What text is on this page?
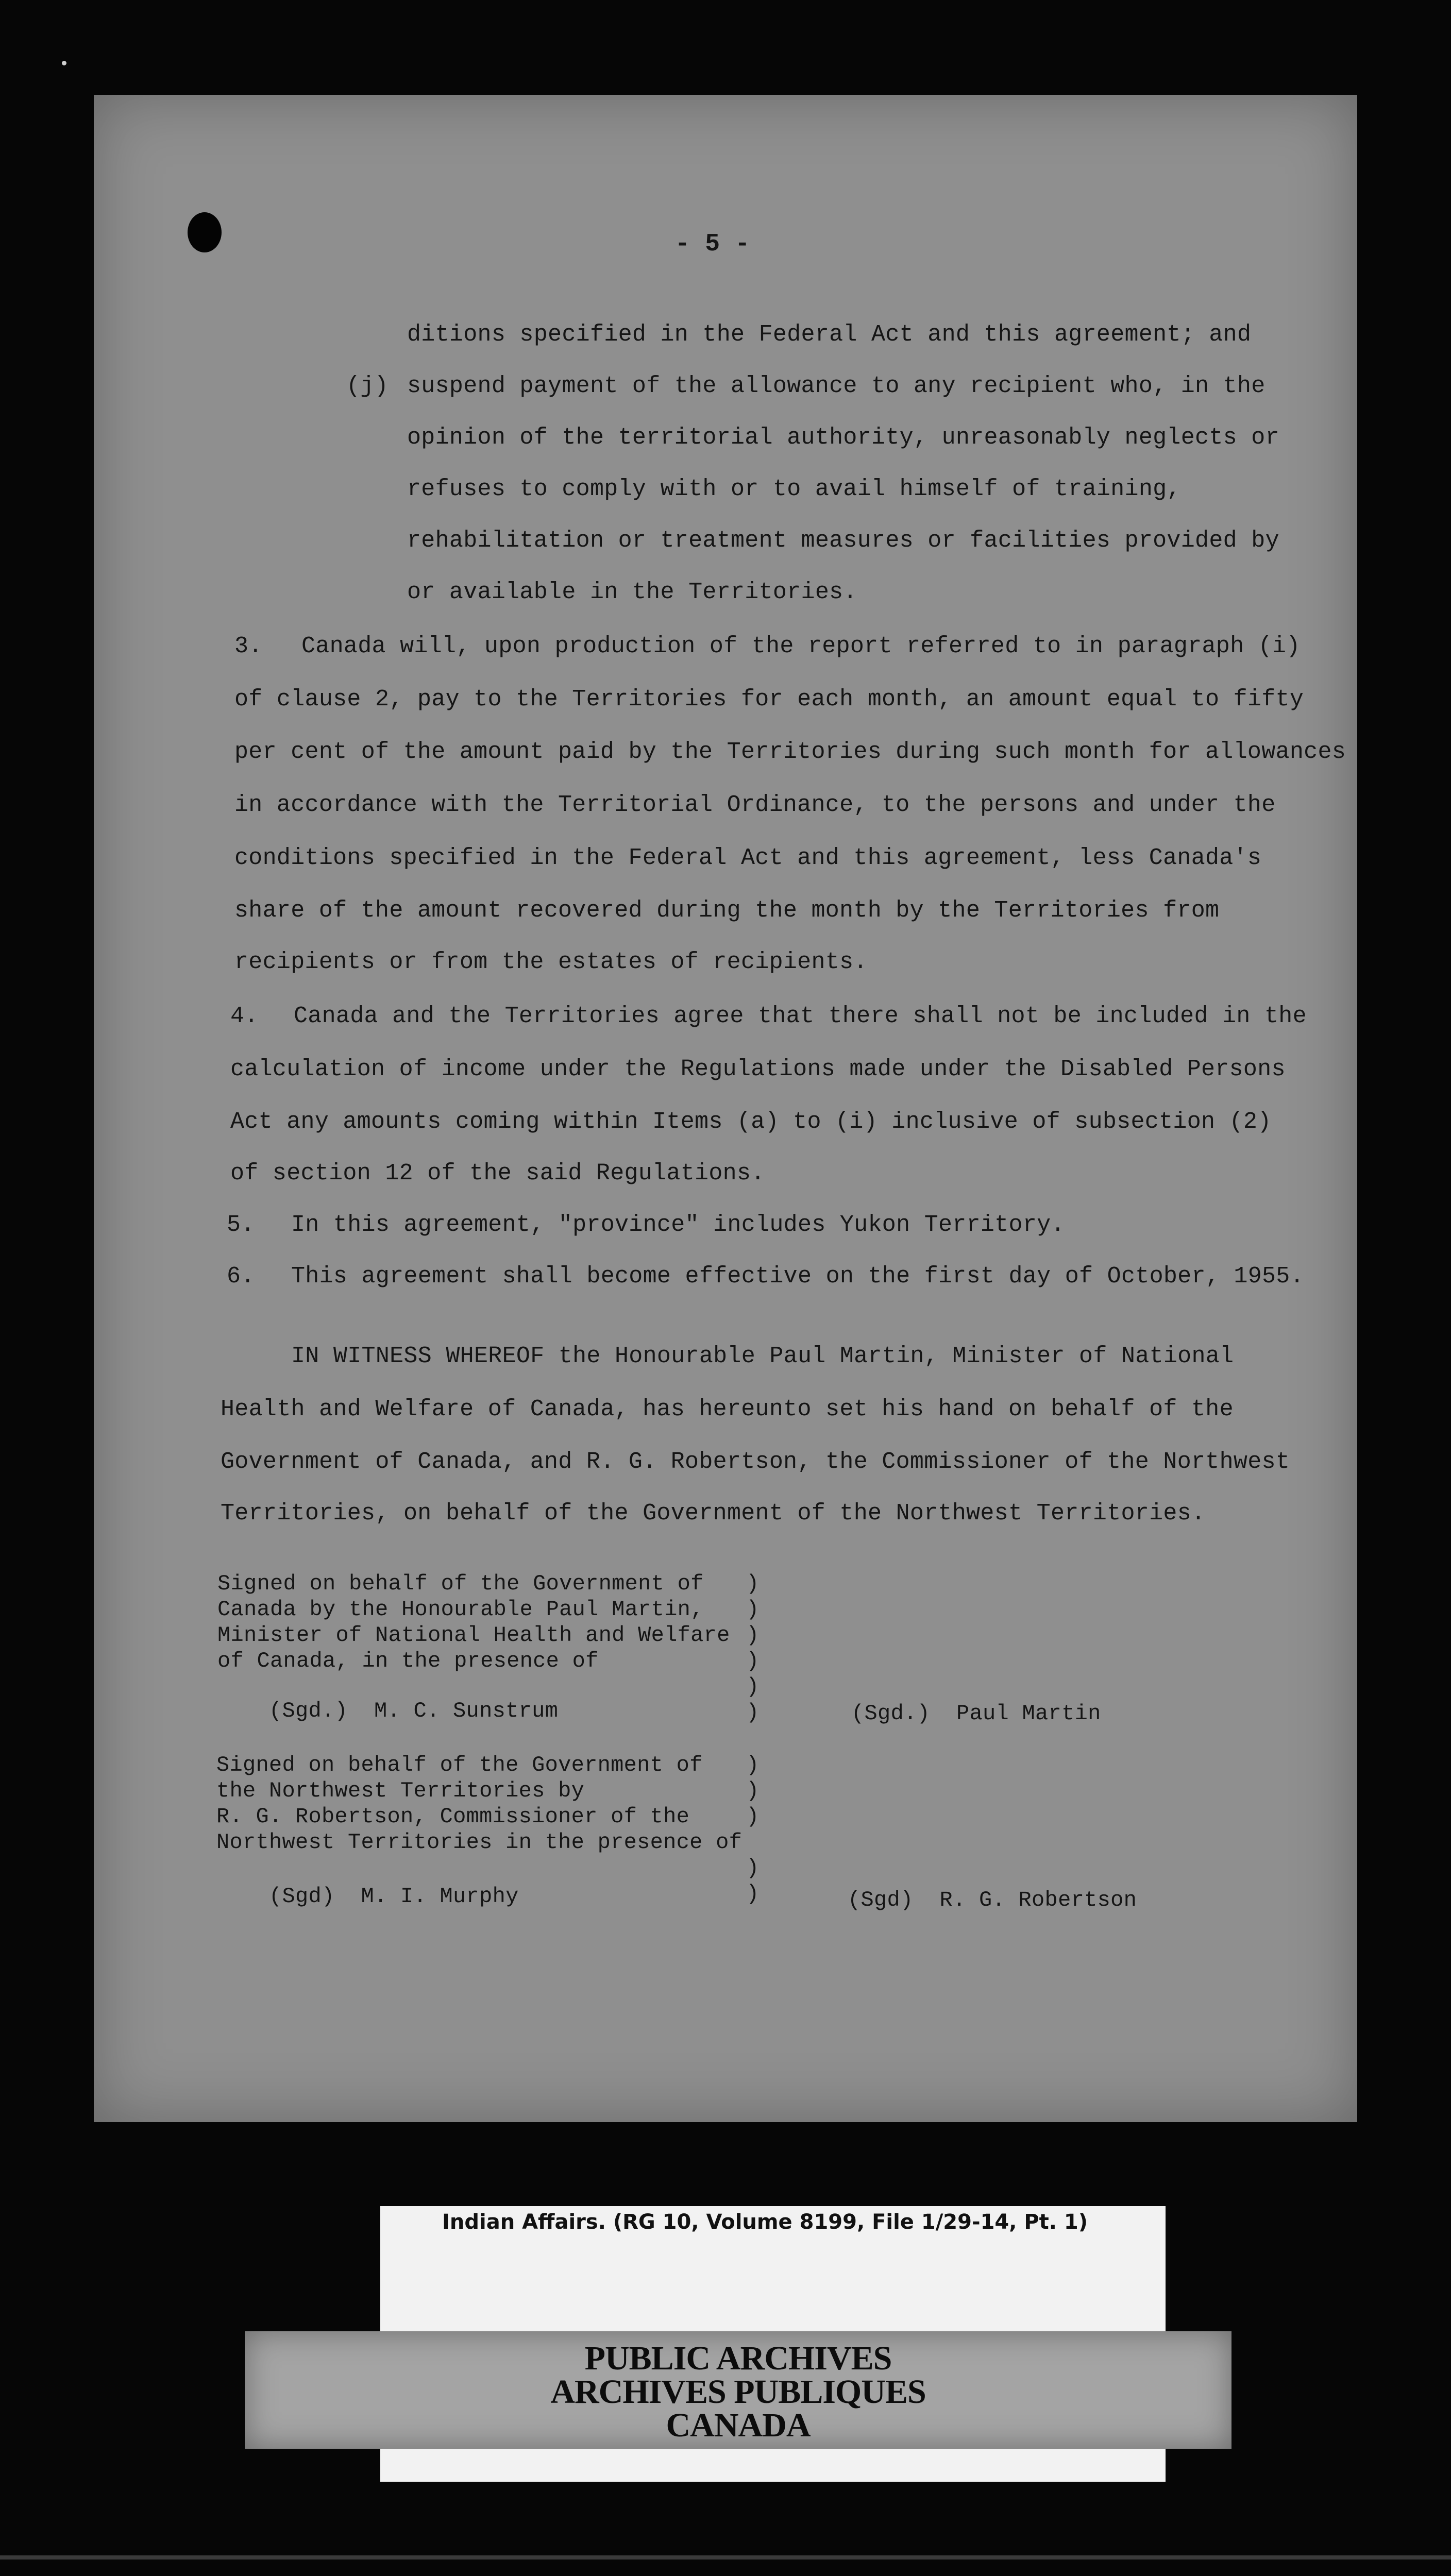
- 5 -
ditions specified in the Federal Act and this agreement; and
(j) suspend payment of the allowance to any recipient who, in the
opinion of the territorial authority, unreasonably neglects or
refuses to comply with or to avail himself of training,
rehabilitation or treatment measures or facilities provided by
or available in the Territories.
3. Canada will, upon production of the report referred to in paragraph (i)
of clause 2, pay to the Territories for each month, an amount equal to fifty
per cent of the amount paid by the Territories during such month for allowances
in accordance with the Territorial Ordinance, to the persons and under the
conditions specified in the Federal Act and this agreement, less Canada's
share of the amount recovered during the month by the Territories from
recipients or from the estates of recipients.
4. Canada and the Territories agree that there shall not be included in the
calculation of income under the Regulations made under the Disabled Persons
Act any amounts coming within Items (a) to (i) inclusive of subsection (2)
of section 12 of the said Regulations.
5. In this agreement, "province" includes Yukon Territory.
6. This agreement shall become effective on the first day of October, 1955.
IN WITNESS WHEREOF the Honourable Paul Martin, Minister of National
Health and Welfare of Canada, has hereunto set his hand on behalf of the
Government of Canada, and R. G. Robertson, the Commissioner of the Northwest
Territories, on behalf of the Government of the Northwest Territories.
Signed on behalf of the Government of
Canada by the Honourable Paul Martin,
Minister of National Health and Welfare
of Canada, in the presence of
(Sgd.)  M. C. Sunstrum	(Sgd.)  Paul Martin
Signed on behalf of the Government of
the Northwest Territories by
R. G. Robertson, Commissioner of the
Northwest Territories in the presence of
(Sgd)  M. I. Murphy	(Sgd)  R. G. Robertson
)
)
)
)
)
)
)
)
)
)
)
Indian Affairs. (RG 10, Volume 8199, File 1/29-14, Pt. 1)
PUBLIC ARCHIVES
ARCHIVES PUBLIQUES
CANADA
